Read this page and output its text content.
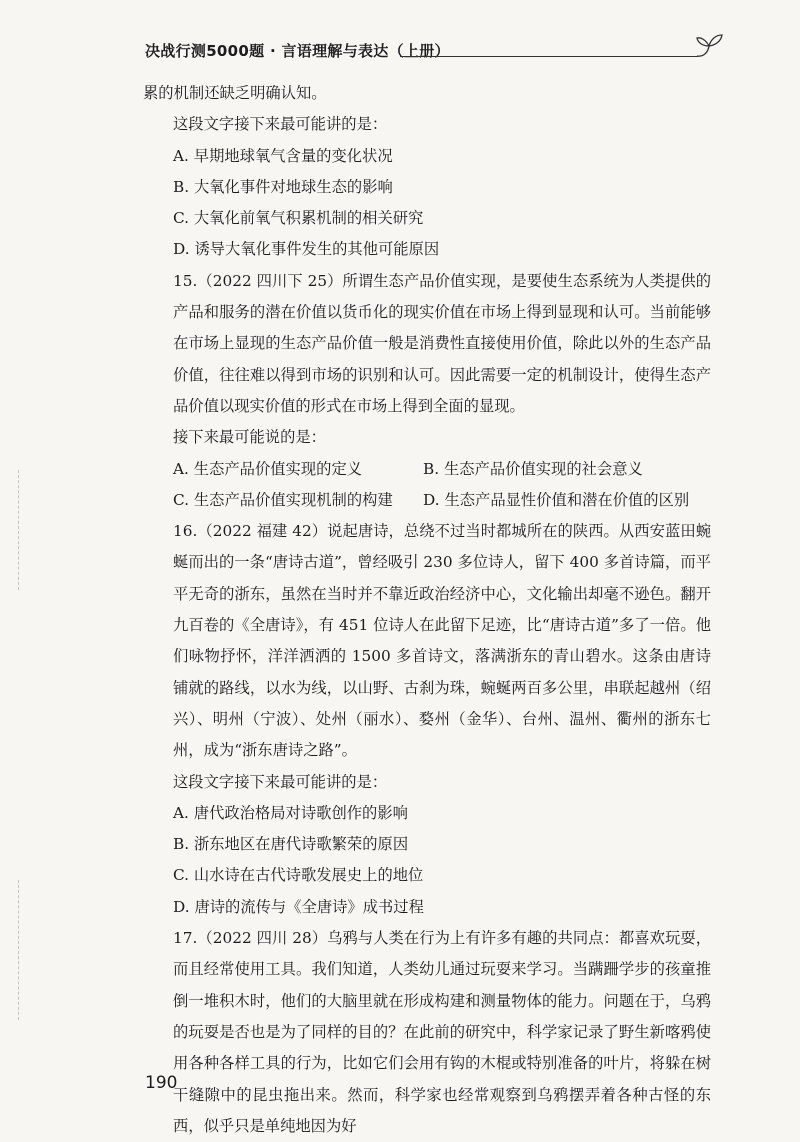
决战行测5000题 · 言语理解与表达（上册）

累的机制还缺乏明确认知。

这段文字接下来最可能讲的是：

A. 早期地球氧气含量的变化状况

B. 大氧化事件对地球生态的影响

C. 大氧化前氧气积累机制的相关研究

D. 诱导大氧化事件发生的其他可能原因

15.（2022 四川下 25）所谓生态产品价值实现，是要使生态系统为人类提供的产品和服务的潜在价值以货币化的现实价值在市场上得到显现和认可。当前能够在市场上显现的生态产品价值一般是消费性直接使用价值，除此以外的生态产品价值，往往难以得到市场的识别和认可。因此需要一定的机制设计，使得生态产品价值以现实价值的形式在市场上得到全面的显现。

接下来最可能说的是：

A. 生态产品价值实现的定义	B. 生态产品价值实现的社会意义

C. 生态产品价值实现机制的构建	D. 生态产品显性价值和潜在价值的区别

16.（2022 福建 42）说起唐诗，总绕不过当时都城所在的陕西。从西安蓝田蜿蜒而出的一条“唐诗古道”，曾经吸引 230 多位诗人，留下 400 多首诗篇，而平平无奇的浙东，虽然在当时并不靠近政治经济中心，文化输出却毫不逊色。翻开九百卷的《全唐诗》，有 451 位诗人在此留下足迹，比“唐诗古道”多了一倍。他们咏物抒怀，洋洋洒洒的 1500 多首诗文，落满浙东的青山碧水。这条由唐诗铺就的路线，以水为线，以山野、古刹为珠，蜿蜒两百多公里，串联起越州（绍兴）、明州（宁波）、处州（丽水）、婺州（金华）、台州、温州、衢州的浙东七州，成为“浙东唐诗之路”。

这段文字接下来最可能讲的是：

A. 唐代政治格局对诗歌创作的影响

B. 浙东地区在唐代诗歌繁荣的原因

C. 山水诗在古代诗歌发展史上的地位

D. 唐诗的流传与《全唐诗》成书过程

17.（2022 四川 28）乌鸦与人类在行为上有许多有趣的共同点：都喜欢玩耍，而且经常使用工具。我们知道，人类幼儿通过玩耍来学习。当蹒跚学步的孩童推倒一堆积木时，他们的大脑里就在形成构建和测量物体的能力。问题在于，乌鸦的玩耍是否也是为了同样的目的？在此前的研究中，科学家记录了野生新喀鸦使用各种各样工具的行为，比如它们会用有钩的木棍或特别准备的叶片，将躲在树干缝隙中的昆虫拖出来。然而，科学家也经常观察到乌鸦摆弄着各种古怪的东西，似乎只是单纯地因为好

190
